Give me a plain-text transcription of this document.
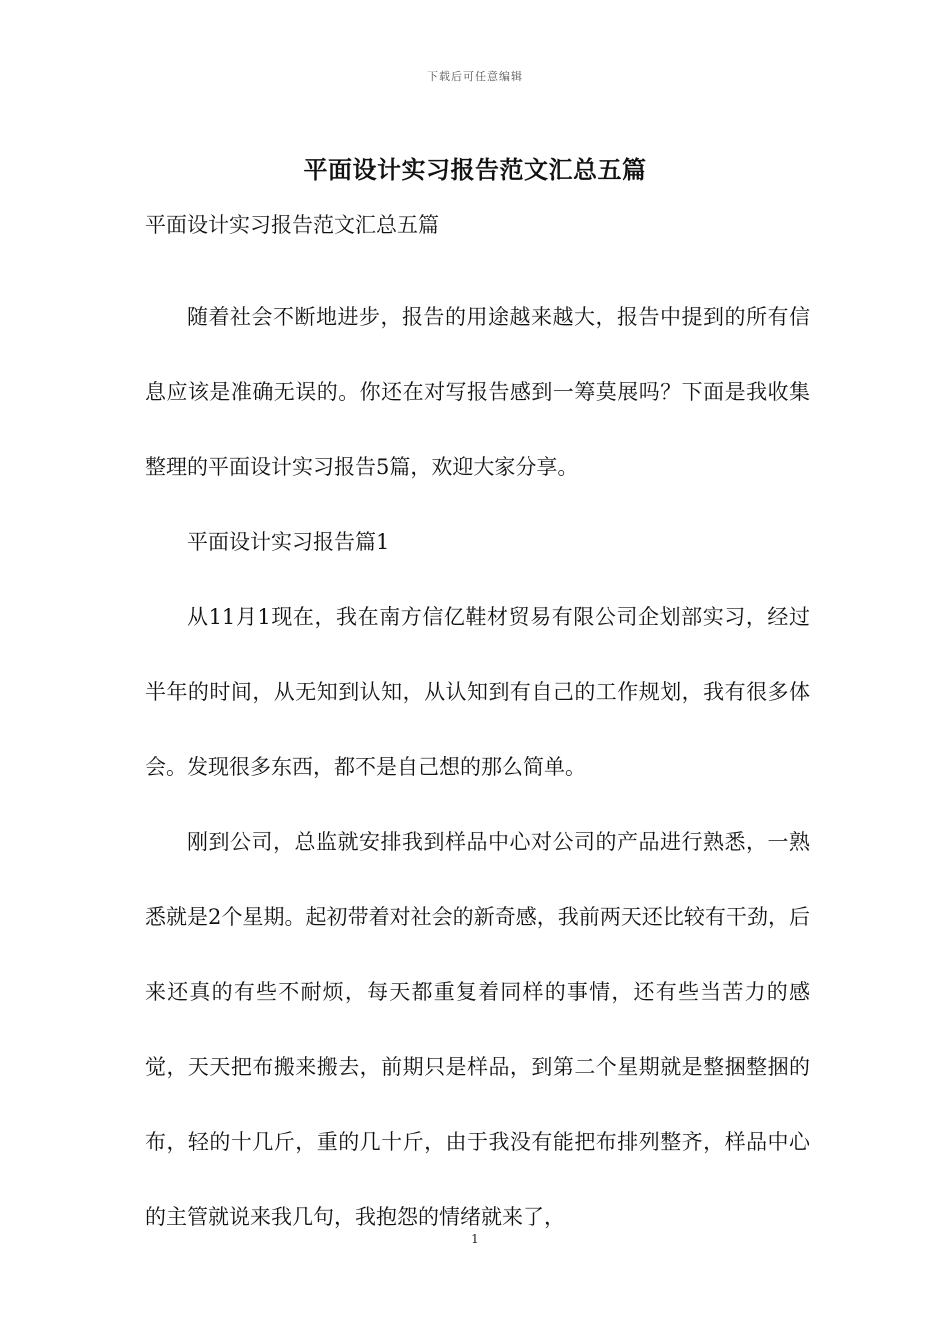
下载后可任意编辑
平面设计实习报告范文汇总五篇

平面设计实习报告范文汇总五篇

随着社会不断地进步，报告的用途越来越大，报告中提到的所有信息应该是准确无误的。你还在对写报告感到一筹莫展吗？下面是我收集整理的平面设计实习报告5篇，欢迎大家分享。

平面设计实习报告篇1

从11月1现在，我在南方信亿鞋材贸易有限公司企划部实习，经过半年的时间，从无知到认知，从认知到有自己的工作规划，我有很多体会。发现很多东西，都不是自己想的那么简单。

刚到公司，总监就安排我到样品中心对公司的产品进行熟悉，一熟悉就是2个星期。起初带着对社会的新奇感，我前两天还比较有干劲，后来还真的有些不耐烦，每天都重复着同样的事情，还有些当苦力的感觉，天天把布搬来搬去，前期只是样品，到第二个星期就是整捆整捆的布，轻的十几斤，重的几十斤，由于我没有能把布排列整齐，样品中心的主管就说来我几句，我抱怨的情绪就来了，

1
